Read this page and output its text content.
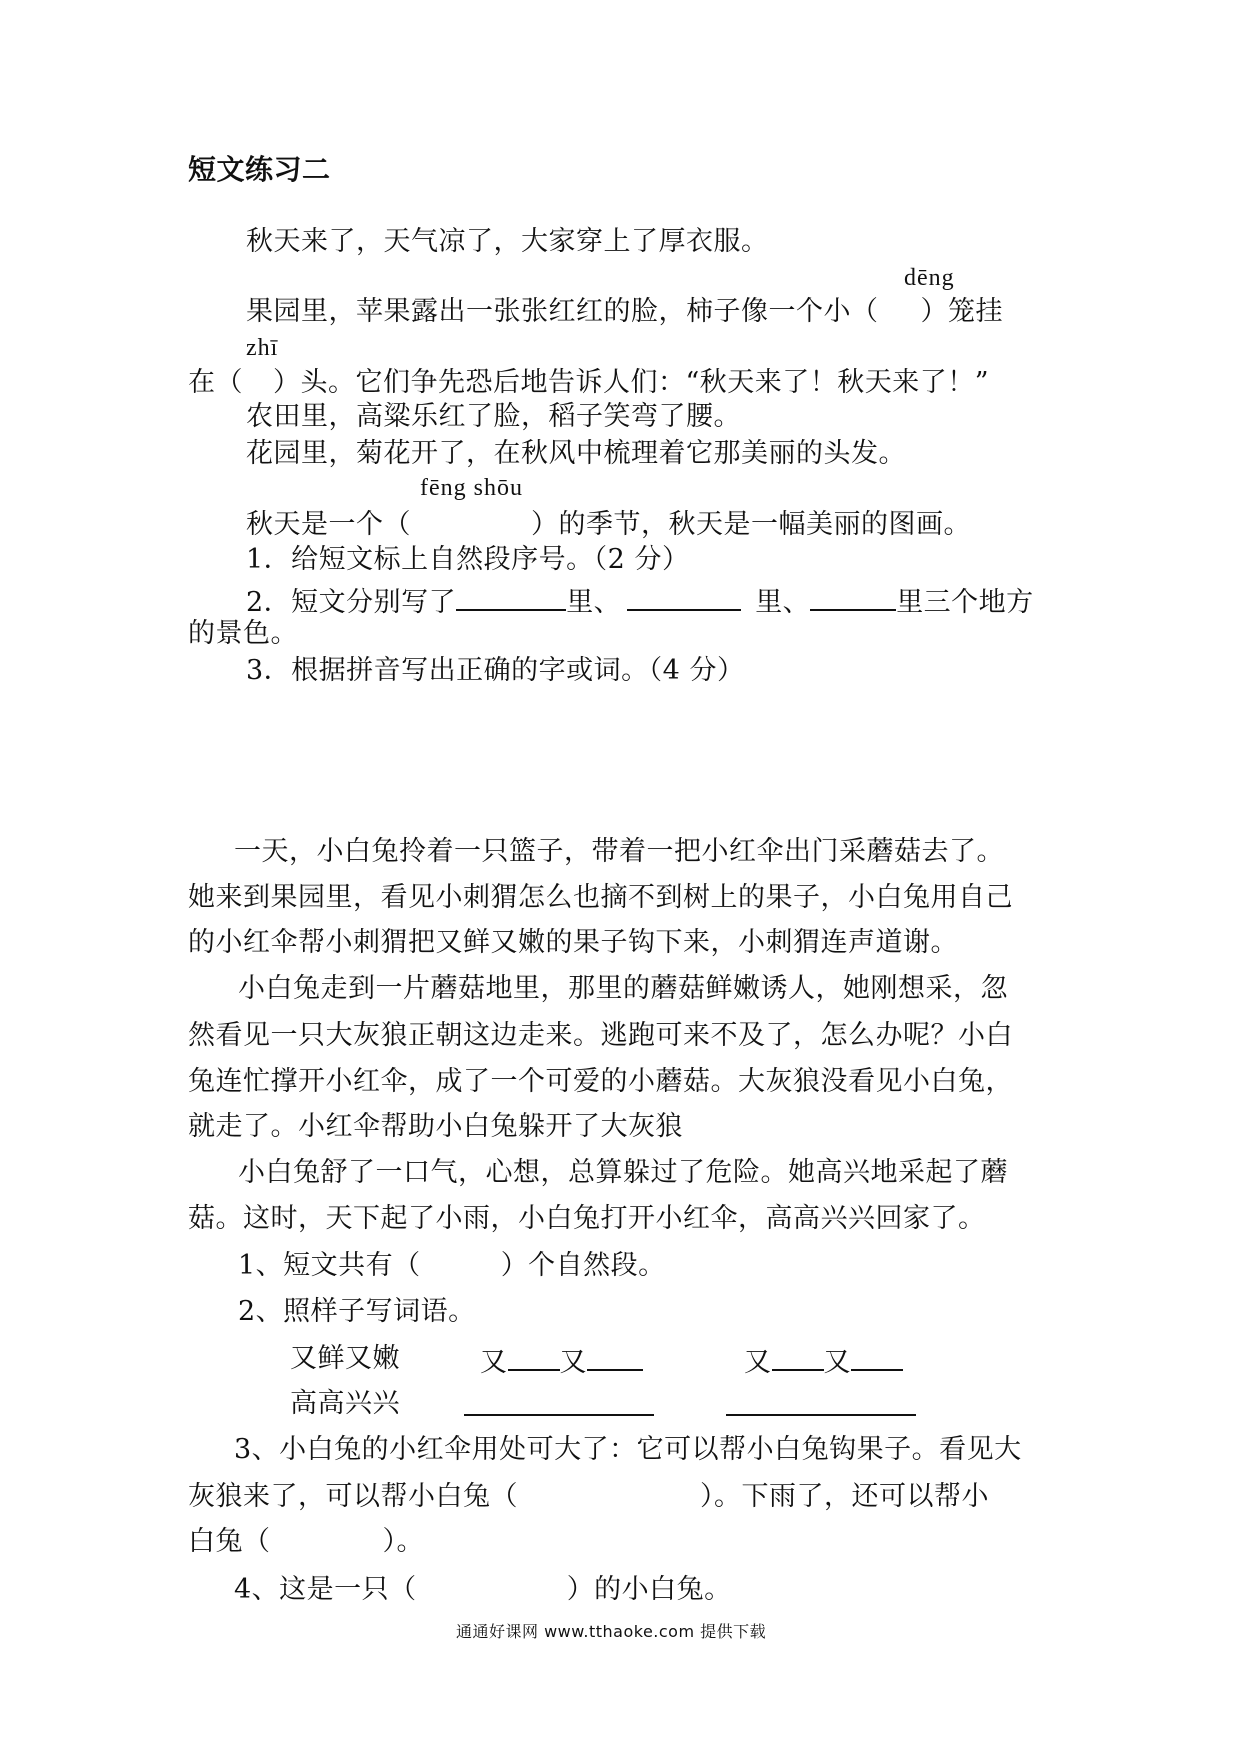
短文练习二
秋天来了，天气凉了，大家穿上了厚衣服。
dēng
果园里，苹果露出一张张红红的脸，柿子像一个小（ ）笼挂
zhī
在（ ）头。它们争先恐后地告诉人们：“秋天来了！秋天来了！”
农田里，高粱乐红了脸，稻子笑弯了腰。
花园里，菊花开了，在秋风中梳理着它那美丽的头发。
fēng shōu
秋天是一个（	）的季节，秋天是一幅美丽的图画。
1．给短文标上自然段序号。（2 分）
2．短文分别写了	里、	里、	里三个地方
的景色。
3．根据拼音写出正确的字或词。（4 分）
一天，小白兔拎着一只篮子，带着一把小红伞出门采蘑菇去了。
她来到果园里，看见小刺猬怎么也摘不到树上的果子，小白兔用自己
的小红伞帮小刺猬把又鲜又嫩的果子钩下来，小刺猬连声道谢。
小白兔走到一片蘑菇地里，那里的蘑菇鲜嫩诱人，她刚想采，忽
然看见一只大灰狼正朝这边走来。逃跑可来不及了，怎么办呢？小白
兔连忙撑开小红伞，成了一个可爱的小蘑菇。大灰狼没看见小白兔，
就走了。小红伞帮助小白兔躲开了大灰狼
小白兔舒了一口气，心想，总算躲过了危险。她高兴地采起了蘑
菇。这时，天下起了小雨，小白兔打开小红伞，高高兴兴回家了。
1、短文共有（	）个自然段。
2、照样子写词语。
又鲜又嫩	又 又	又 又
高高兴兴
3、小白兔的小红伞用处可大了：它可以帮小白兔钩果子。看见大
灰狼来了，可以帮小白兔（	）。下雨了，还可以帮小
白兔（	）。
4、这是一只（	）的小白兔。
通通好课网 www.tthaoke.com 提供下载
